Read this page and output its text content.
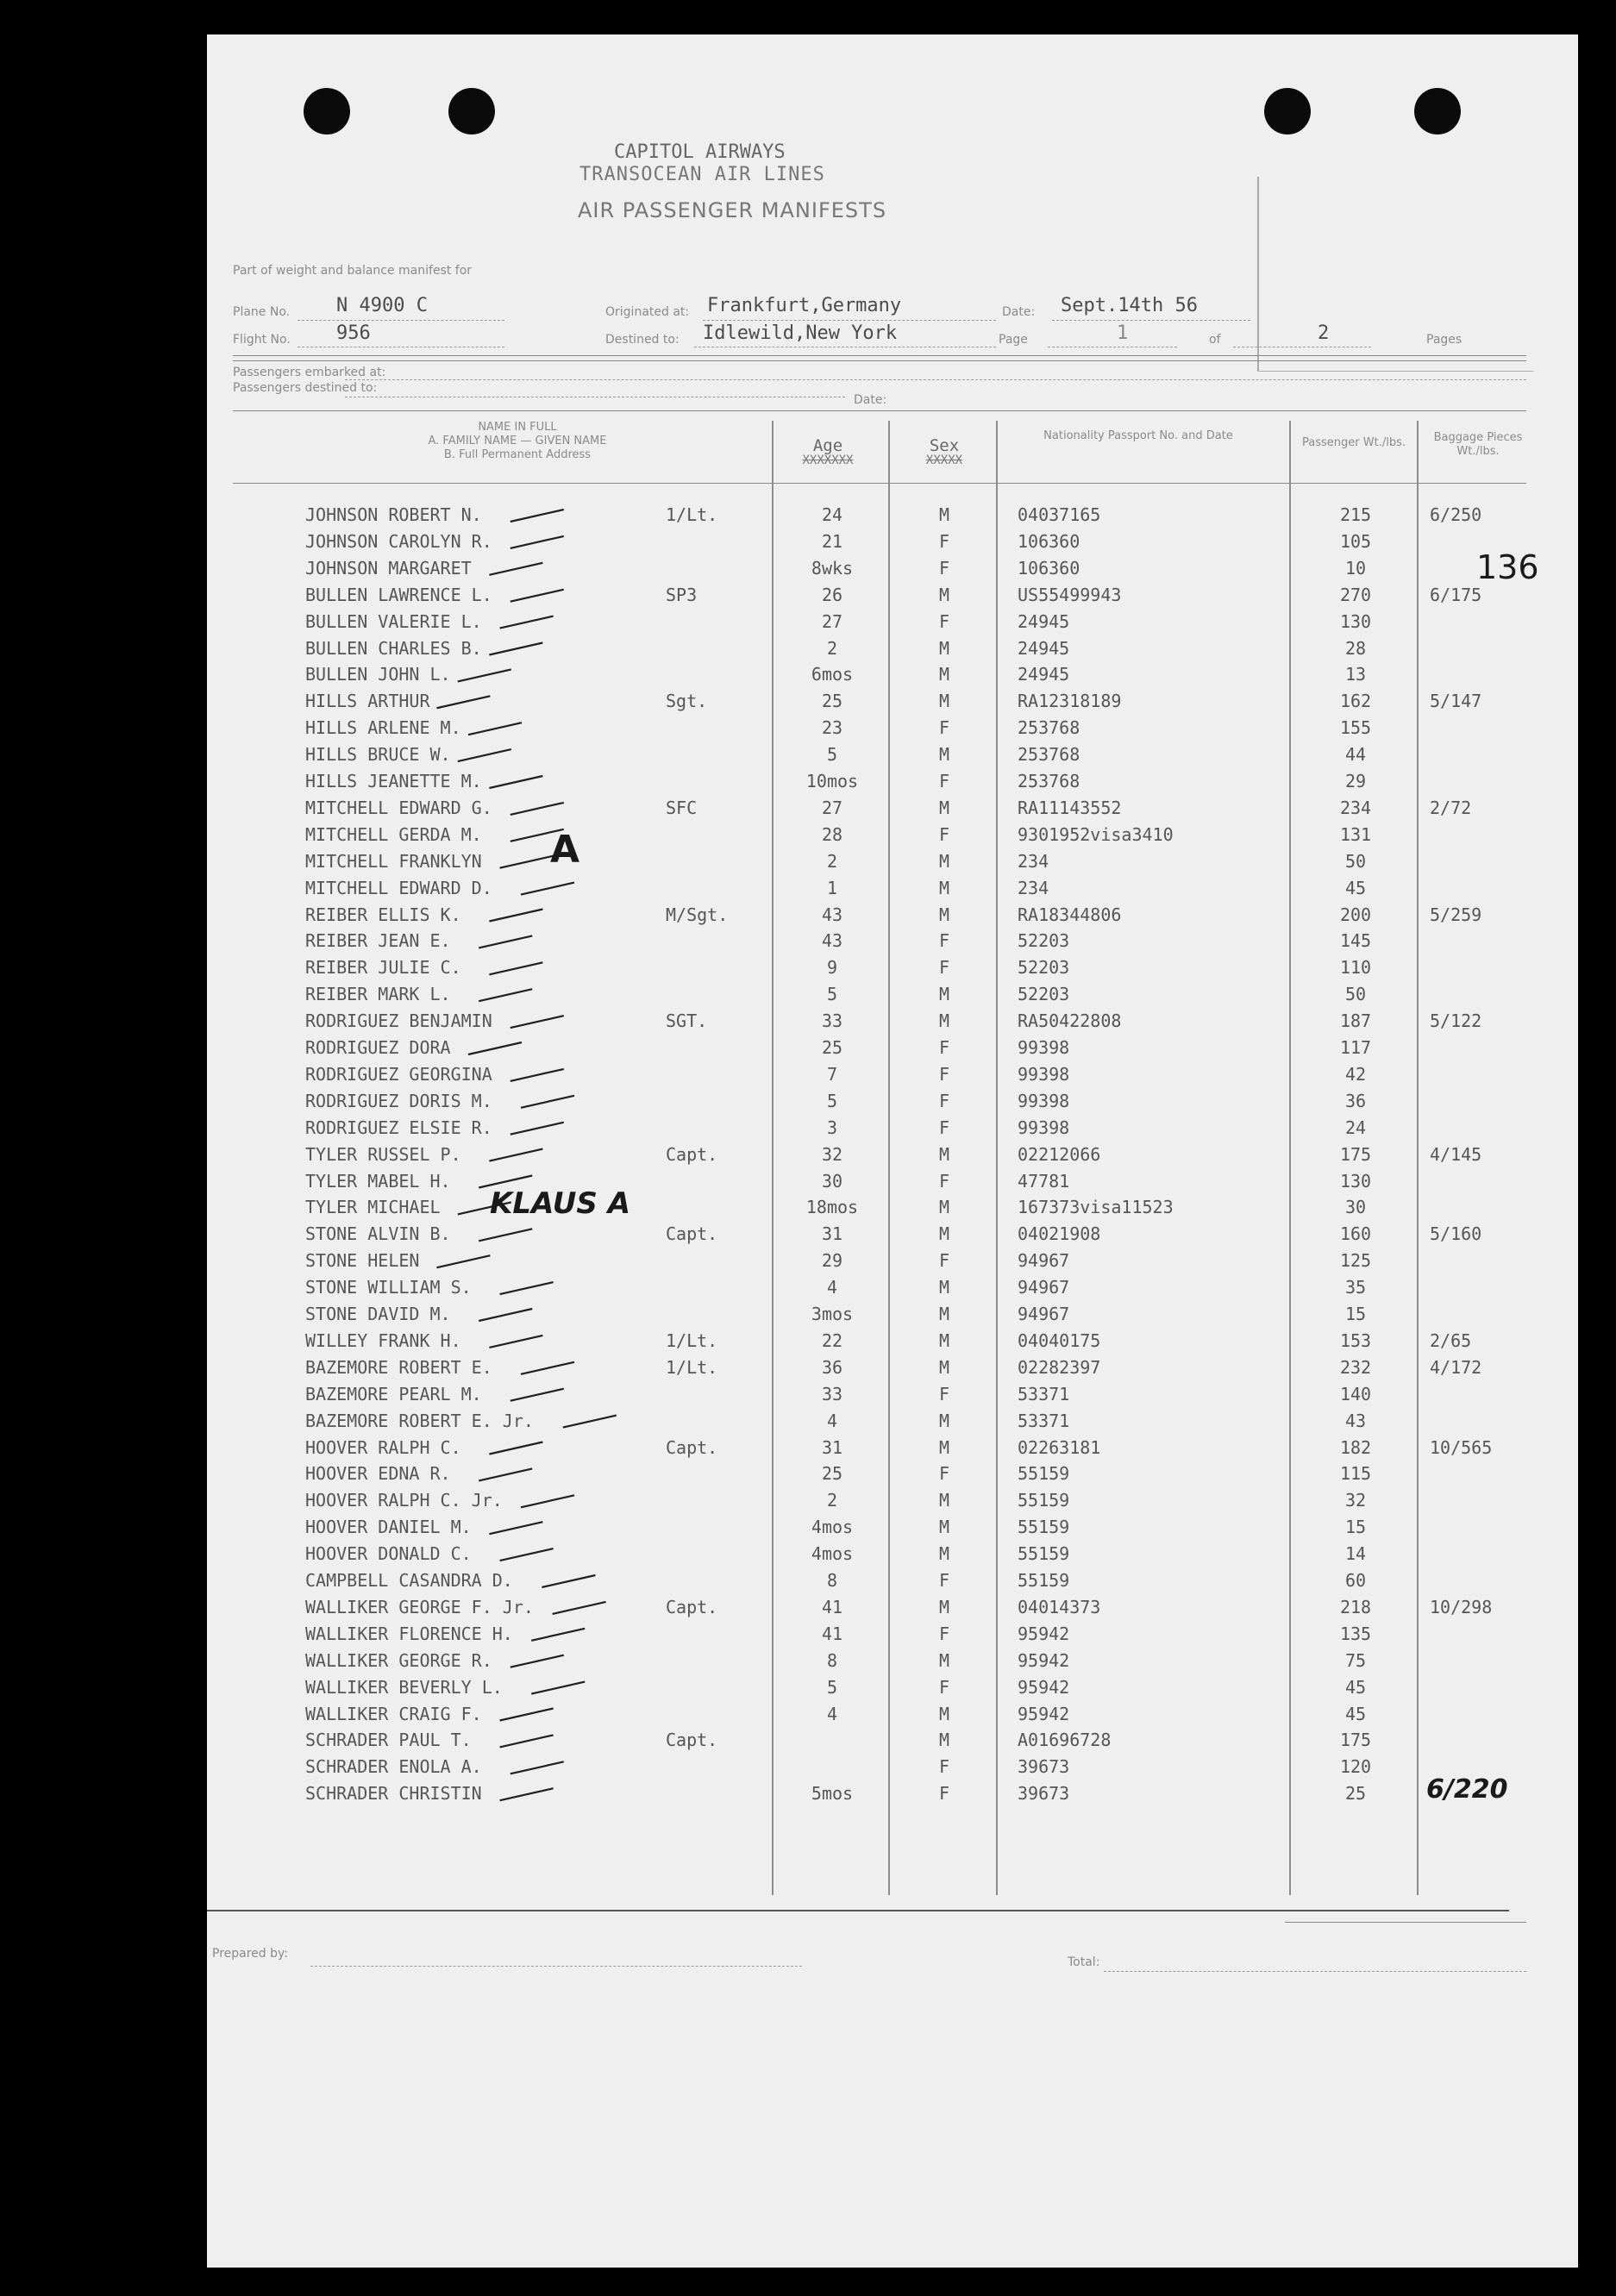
CAPITOL AIRWAYS
TRANSOCEAN AIR LINES
AIR PASSENGER MANIFESTS
Part of weight and balance manifest for
Plane No. N 4900 C	Originated at: Frankfurt,Germany	Date: Sept.14th 56
Flight No. 956	Destined to: Idlewild,New York	Page	1	of	2	Pages
Passengers embarked at:
Passengers destined to:
Date:
NAME IN FULL
A. FAMILY NAME — GIVEN NAME
B. Full Permanent Address	Age
XXXXXXX
Sex
XXXXX
Nationality Passport No. and Date
Passenger Wt./lbs.	Baggage Pieces Wt./lbs.
JOHNSON ROBERT N.	1/Lt.	24	M	04037165	215	6/250
JOHNSON CAROLYN R.	21	F	106360	105
JOHNSON MARGARET	8wks	F	106360	10
BULLEN LAWRENCE L.	SP3	26	M	US55499943	270	6/175
BULLEN VALERIE L.	27	F	24945	130
BULLEN CHARLES B.	2	M	24945	28
BULLEN JOHN L.	6mos	M	24945	13
HILLS ARTHUR	Sgt.	25	M	RA12318189	162	5/147
HILLS ARLENE M.	23	F	253768	155
HILLS BRUCE W.	5	M	253768	44
HILLS JEANETTE M.	10mos	F	253768	29
MITCHELL EDWARD G.	SFC	27	M	RA11143552	234	2/72
MITCHELL GERDA M.	28	F	9301952visa3410	131
MITCHELL FRANKLYN	2	M	234	50
MITCHELL EDWARD D.	1	M	234	45
REIBER ELLIS K.	M/Sgt.	43	M	RA18344806	200	5/259
REIBER JEAN E.	43	F	52203	145
REIBER JULIE C.	9	F	52203	110
REIBER MARK L.	5	M	52203	50
RODRIGUEZ BENJAMIN	SGT.	33	M	RA50422808	187	5/122
RODRIGUEZ DORA	25	F	99398	117
RODRIGUEZ GEORGINA	7	F	99398	42
RODRIGUEZ DORIS M.	5	F	99398	36
RODRIGUEZ ELSIE R.	3	F	99398	24
TYLER RUSSEL P.	Capt.	32	M	02212066	175	4/145
TYLER MABEL H.	30	F	47781	130
TYLER MICHAEL	18mos	M	167373visa11523	30
STONE ALVIN B.	Capt.	31	M	04021908	160	5/160
STONE HELEN	29	F	94967	125
STONE WILLIAM S.	4	M	94967	35
STONE DAVID M.	3mos	M	94967	15
WILLEY FRANK H.	1/Lt.	22	M	04040175	153	2/65
BAZEMORE ROBERT E.	1/Lt.	36	M	02282397	232	4/172
BAZEMORE PEARL M.	33	F	53371	140
BAZEMORE ROBERT E. Jr.	4	M	53371	43
HOOVER RALPH C.	Capt.	31	M	02263181	182	10/565
HOOVER EDNA R.	25	F	55159	115
HOOVER RALPH C. Jr.	2	M	55159	32
HOOVER DANIEL M.	4mos	M	55159	15
HOOVER DONALD C.	4mos	M	55159	14
CAMPBELL CASANDRA D.	8	F	55159	60
WALLIKER GEORGE F. Jr.	Capt.	41	M	04014373	218	10/298
WALLIKER FLORENCE H.	41	F	95942	135
WALLIKER GEORGE R.	8	M	95942	75
WALLIKER BEVERLY L.	5	F	95942	45
WALLIKER CRAIG F.	4	M	95942	45
SCHRADER PAUL T.	Capt.	M	A01696728	175
SCHRADER ENOLA A.	F	39673	120
SCHRADER CHRISTIN	5mos	F	39673	25
136
A
KLAUS A
6/220
Prepared by:
Total:
